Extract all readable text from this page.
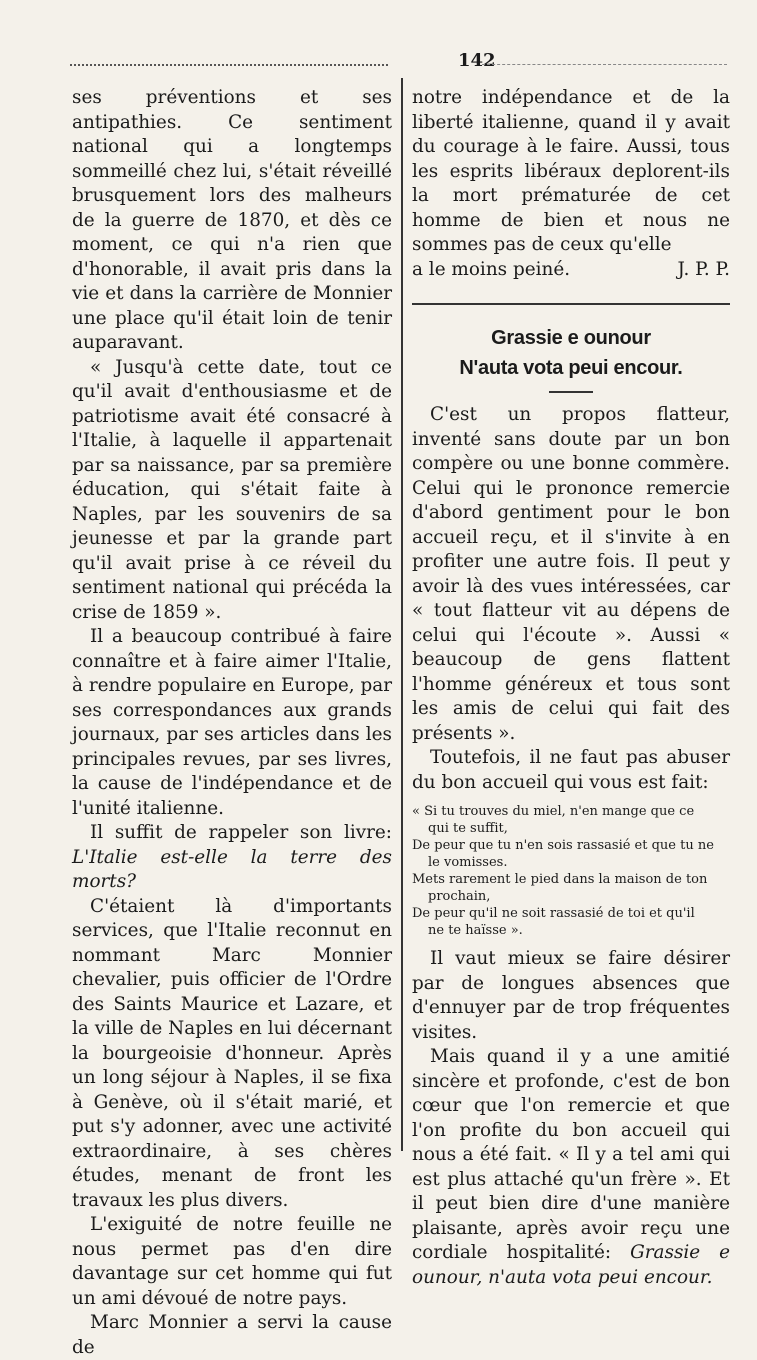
142

ses préventions et ses antipathies. Ce sentiment national qui a longtemps sommeillé chez lui, s'était réveillé brusquement lors des malheurs de la guerre de 1870, et dès ce moment, ce qui n'a rien que d'honorable, il avait pris dans la vie et dans la carrière de Monnier une place qu'il était loin de tenir auparavant.

« Jusqu'à cette date, tout ce qu'il avait d'enthousiasme et de patriotisme avait été consacré à l'Italie, à laquelle il appartenait par sa naissance, par sa première éducation, qui s'était faite à Naples, par les souvenirs de sa jeunesse et par la grande part qu'il avait prise à ce réveil du sentiment national qui précéda la crise de 1859 ».

Il a beaucoup contribué à faire connaître et à faire aimer l'Italie, à rendre populaire en Europe, par ses correspondances aux grands journaux, par ses articles dans les principales revues, par ses livres, la cause de l'indépendance et de l'unité italienne.

Il suffit de rappeler son livre: L'Italie est-elle la terre des morts?

C'étaient là d'importants services, que l'Italie reconnut en nommant Marc Monnier chevalier, puis officier de l'Ordre des Saints Maurice et Lazare, et la ville de Naples en lui décernant la bourgeoisie d'honneur. Après un long séjour à Naples, il se fixa à Genève, où il s'était marié, et put s'y adonner, avec une activité extraordinaire, à ses chères études, menant de front les travaux les plus divers.

L'exiguité de notre feuille ne nous permet pas d'en dire davantage sur cet homme qui fut un ami dévoué de notre pays.

Marc Monnier a servi la cause de

notre indépendance et de la liberté italienne, quand il y avait du courage à le faire. Aussi, tous les esprits libéraux deplorent-ils la mort prématurée de cet homme de bien et nous ne sommes pas de ceux qu'elle

a le moins peiné.	J. P. P.

Grassie e ounour
N'auta vota peui encour.

C'est un propos flatteur, inventé sans doute par un bon compère ou une bonne commère. Celui qui le prononce remercie d'abord gentiment pour le bon accueil reçu, et il s'invite à en profiter une autre fois. Il peut y avoir là des vues intéressées, car « tout flatteur vit au dépens de celui qui l'écoute ». Aussi « beaucoup de gens flattent l'homme généreux et tous sont les amis de celui qui fait des présents ».

Toutefois, il ne faut pas abuser du bon accueil qui vous est fait:

« Si tu trouves du miel, n'en mange que ce
qui te suffit,
De peur que tu n'en sois rassasié et que tu ne
le vomisses.
Mets rarement le pied dans la maison de ton
prochain,
De peur qu'il ne soit rassasié de toi et qu'il
ne te haïsse ».

Il vaut mieux se faire désirer par de longues absences que d'ennuyer par de trop fréquentes visites.

Mais quand il y a une amitié sincère et profonde, c'est de bon cœur que l'on remercie et que l'on profite du bon accueil qui nous a été fait. « Il y a tel ami qui est plus attaché qu'un frère ». Et il peut bien dire d'une manière plaisante, après avoir reçu une cordiale hospitalité: Grassie e ounour, n'auta vota peui encour.
